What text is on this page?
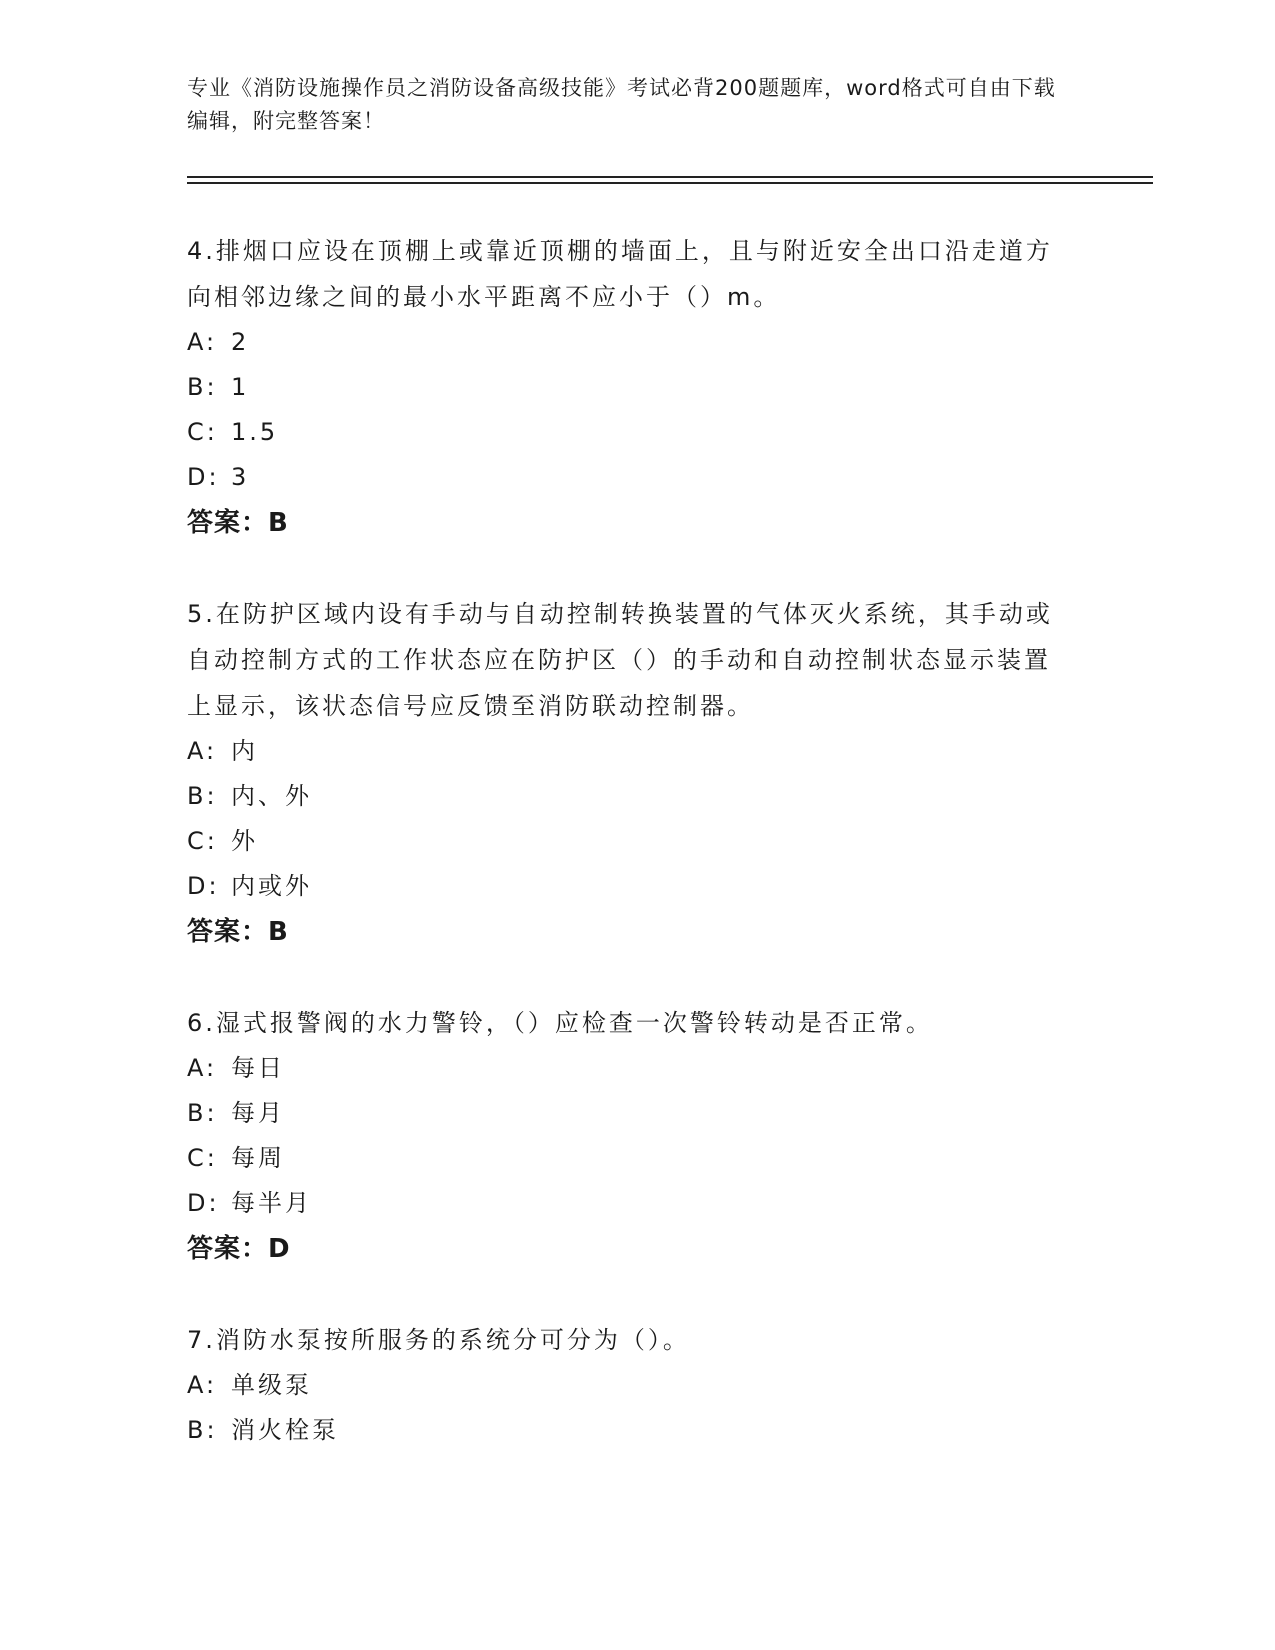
专业《消防设施操作员之消防设备高级技能》考试必背200题题库，word格式可自由下载编辑，附完整答案！

4.排烟口应设在顶棚上或靠近顶棚的墙面上，且与附近安全出口沿走道方向相邻边缘之间的最小水平距离不应小于（）m。

A: 2
B: 1
C: 1.5
D: 3
答案：B

5.在防护区域内设有手动与自动控制转换装置的气体灭火系统，其手动或自动控制方式的工作状态应在防护区（）的手动和自动控制状态显示装置上显示，该状态信号应反馈至消防联动控制器。

A: 内
B: 内、外
C: 外
D: 内或外
答案：B

6.湿式报警阀的水力警铃，（）应检查一次警铃转动是否正常。

A: 每日
B: 每月
C: 每周
D: 每半月
答案：D

7.消防水泵按所服务的系统分可分为（）。

A: 单级泵
B: 消火栓泵
